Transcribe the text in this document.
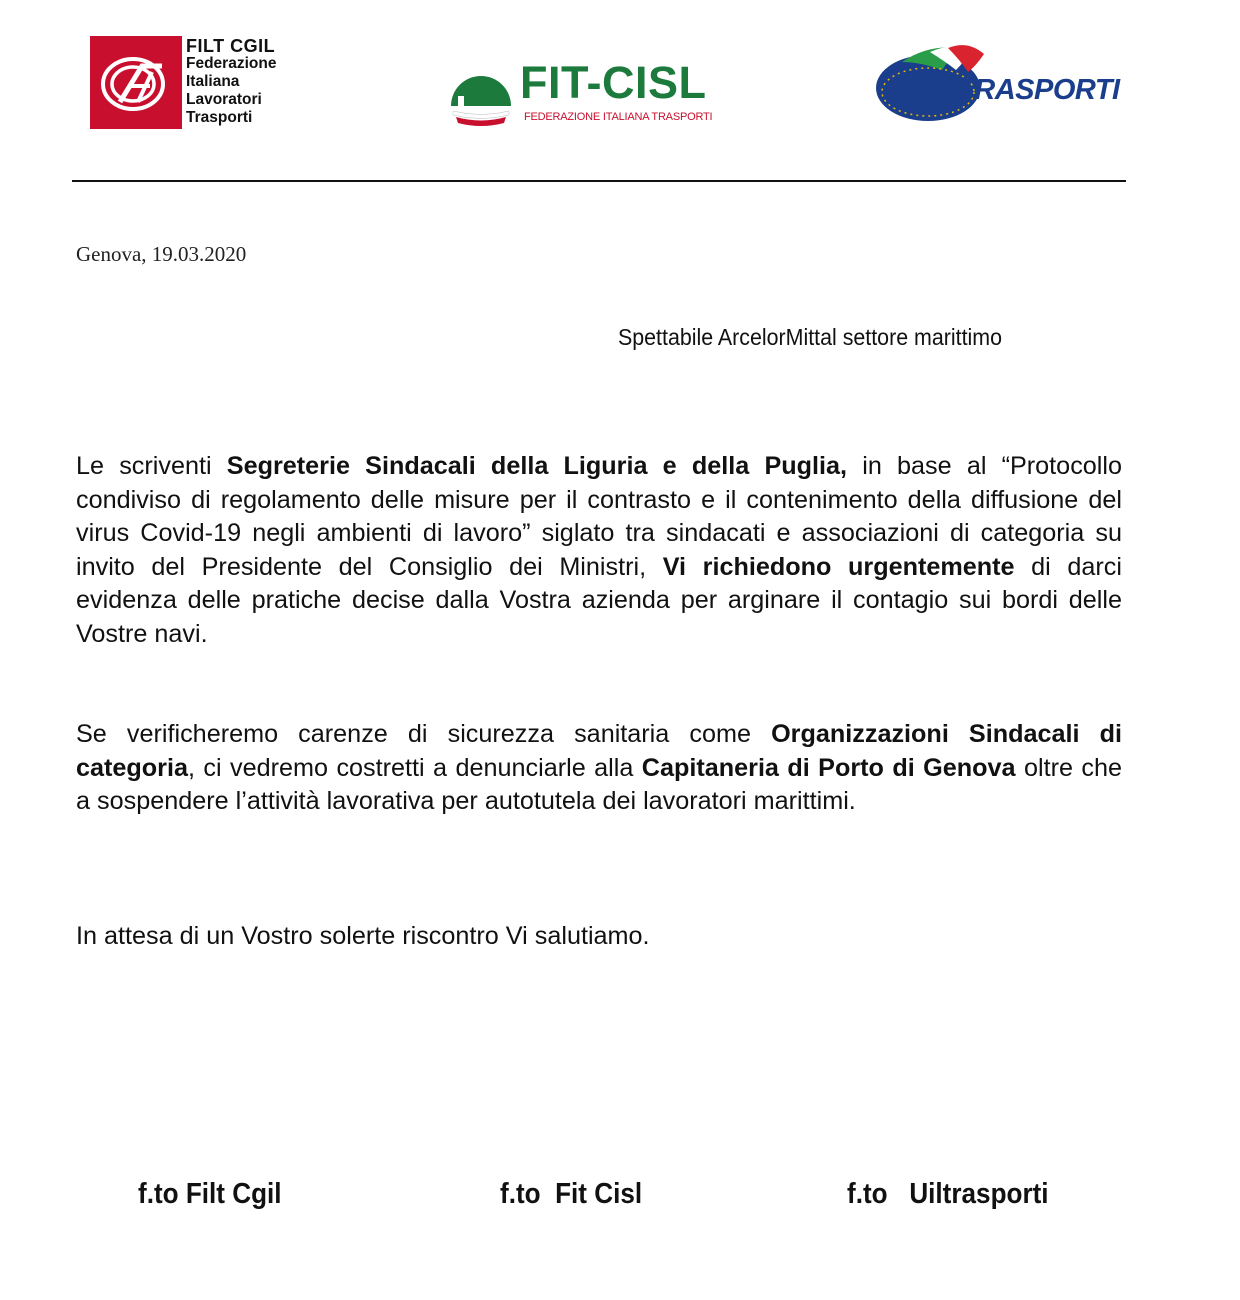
FILT CGIL
Federazione
Italiana
Lavoratori
Trasporti
FIT-CISL
FEDERAZIONE ITALIANA TRASPORTI
UILTRASPORTI
Genova, 19.03.2020
Spettabile ArcelorMittal settore marittimo
Le scriventi Segreterie Sindacali della Liguria e della Puglia, in base al “Protocollo condiviso di regolamento delle misure per il contrasto e il contenimento della diffusione del virus Covid-19 negli ambienti di lavoro” siglato tra sindacati e associazioni di categoria su invito del Presidente del Consiglio dei Ministri, Vi richiedono urgentemente di darci evidenza delle pratiche decise dalla Vostra azienda per arginare il contagio sui bordi delle Vostre navi.
Se verificheremo carenze di sicurezza sanitaria come Organizzazioni Sindacali di categoria, ci vedremo costretti a denunciarle alla Capitaneria di Porto di Genova oltre che a sospendere l’attività lavorativa per autotutela dei lavoratori marittimi.
In attesa di un Vostro solerte riscontro Vi salutiamo.
f.to Filt Cgil	f.to  Fit Cisl	f.to   Uiltrasporti
